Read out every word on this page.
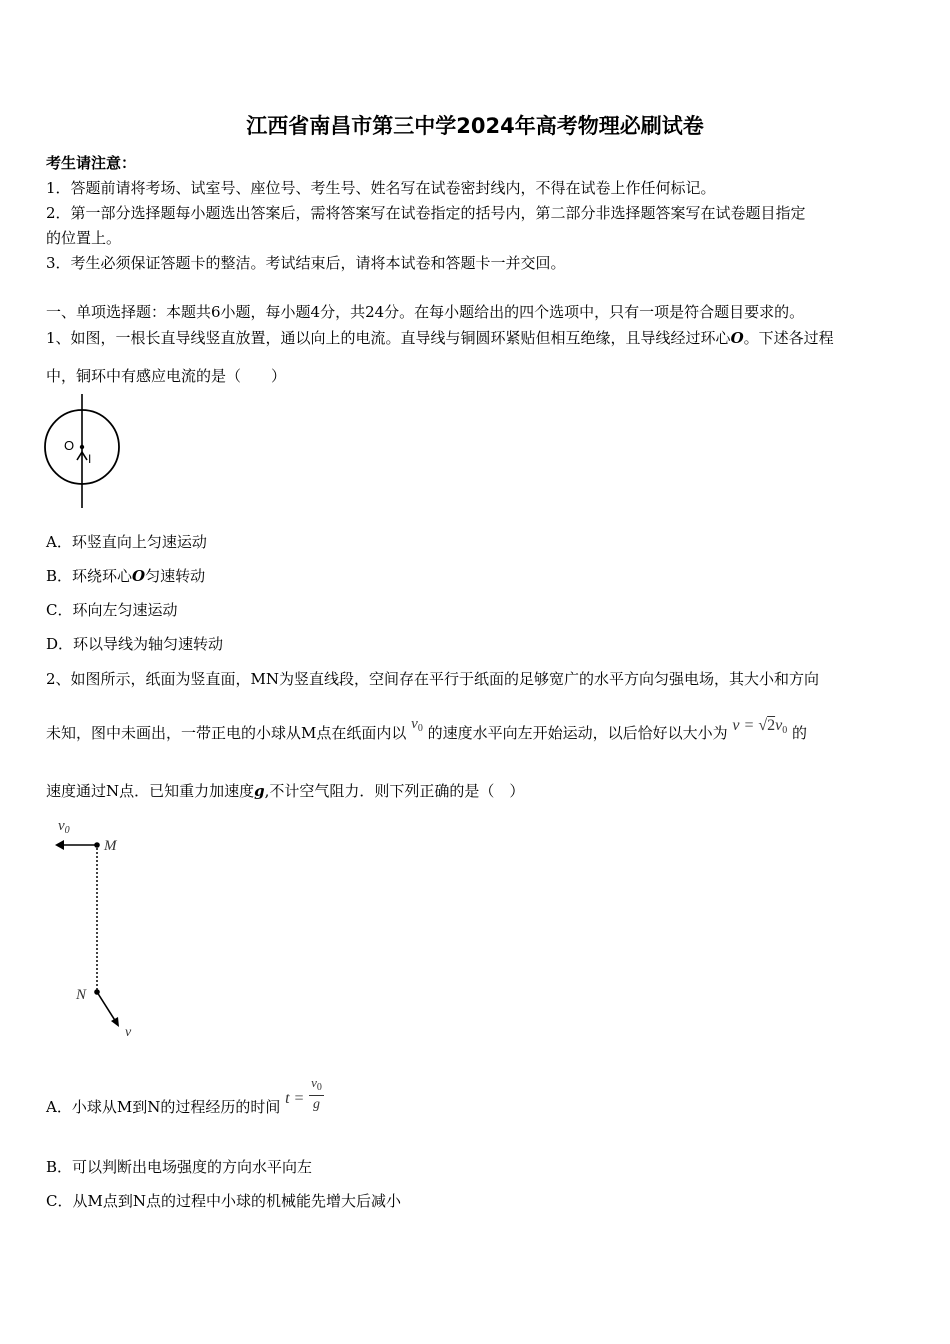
江西省南昌市第三中学2024年高考物理必刷试卷
考生请注意：
1．答题前请将考场、试室号、座位号、考生号、姓名写在试卷密封线内，不得在试卷上作任何标记。
2．第一部分选择题每小题选出答案后，需将答案写在试卷指定的括号内，第二部分非选择题答案写在试卷题目指定
的位置上。
3．考生必须保证答题卡的整洁。考试结束后，请将本试卷和答题卡一并交回。
一、单项选择题：本题共6小题，每小题4分，共24分。在每小题给出的四个选项中，只有一项是符合题目要求的。
1、如图，一根长直导线竖直放置，通以向上的电流。直导线与铜圆环紧贴但相互绝缘，且导线经过环心O。下述各过程
中，铜环中有感应电流的是（　　）
O
I
A．环竖直向上匀速运动
B．环绕环心O匀速转动
C．环向左匀速运动
D．环以导线为轴匀速转动
2、如图所示，纸面为竖直面，MN为竖直线段，空间存在平行于纸面的足够宽广的水平方向匀强电场，其大小和方向
未知，图中未画出，一带正电的小球从M点在纸面内以 $v_0$ 的速度水平向左开始运动，以后恰好以大小为 $v = √2v_0$ 的
速度通过N点．已知重力加速度g,不计空气阻力．则下列正确的是（　）
$v_0$
M
N
v
A．小球从M到N的过程经历的时间 $t = \frac{v_0}{g}$
B．可以判断出电场强度的方向水平向左
C．从M点到N点的过程中小球的机械能先增大后减小
